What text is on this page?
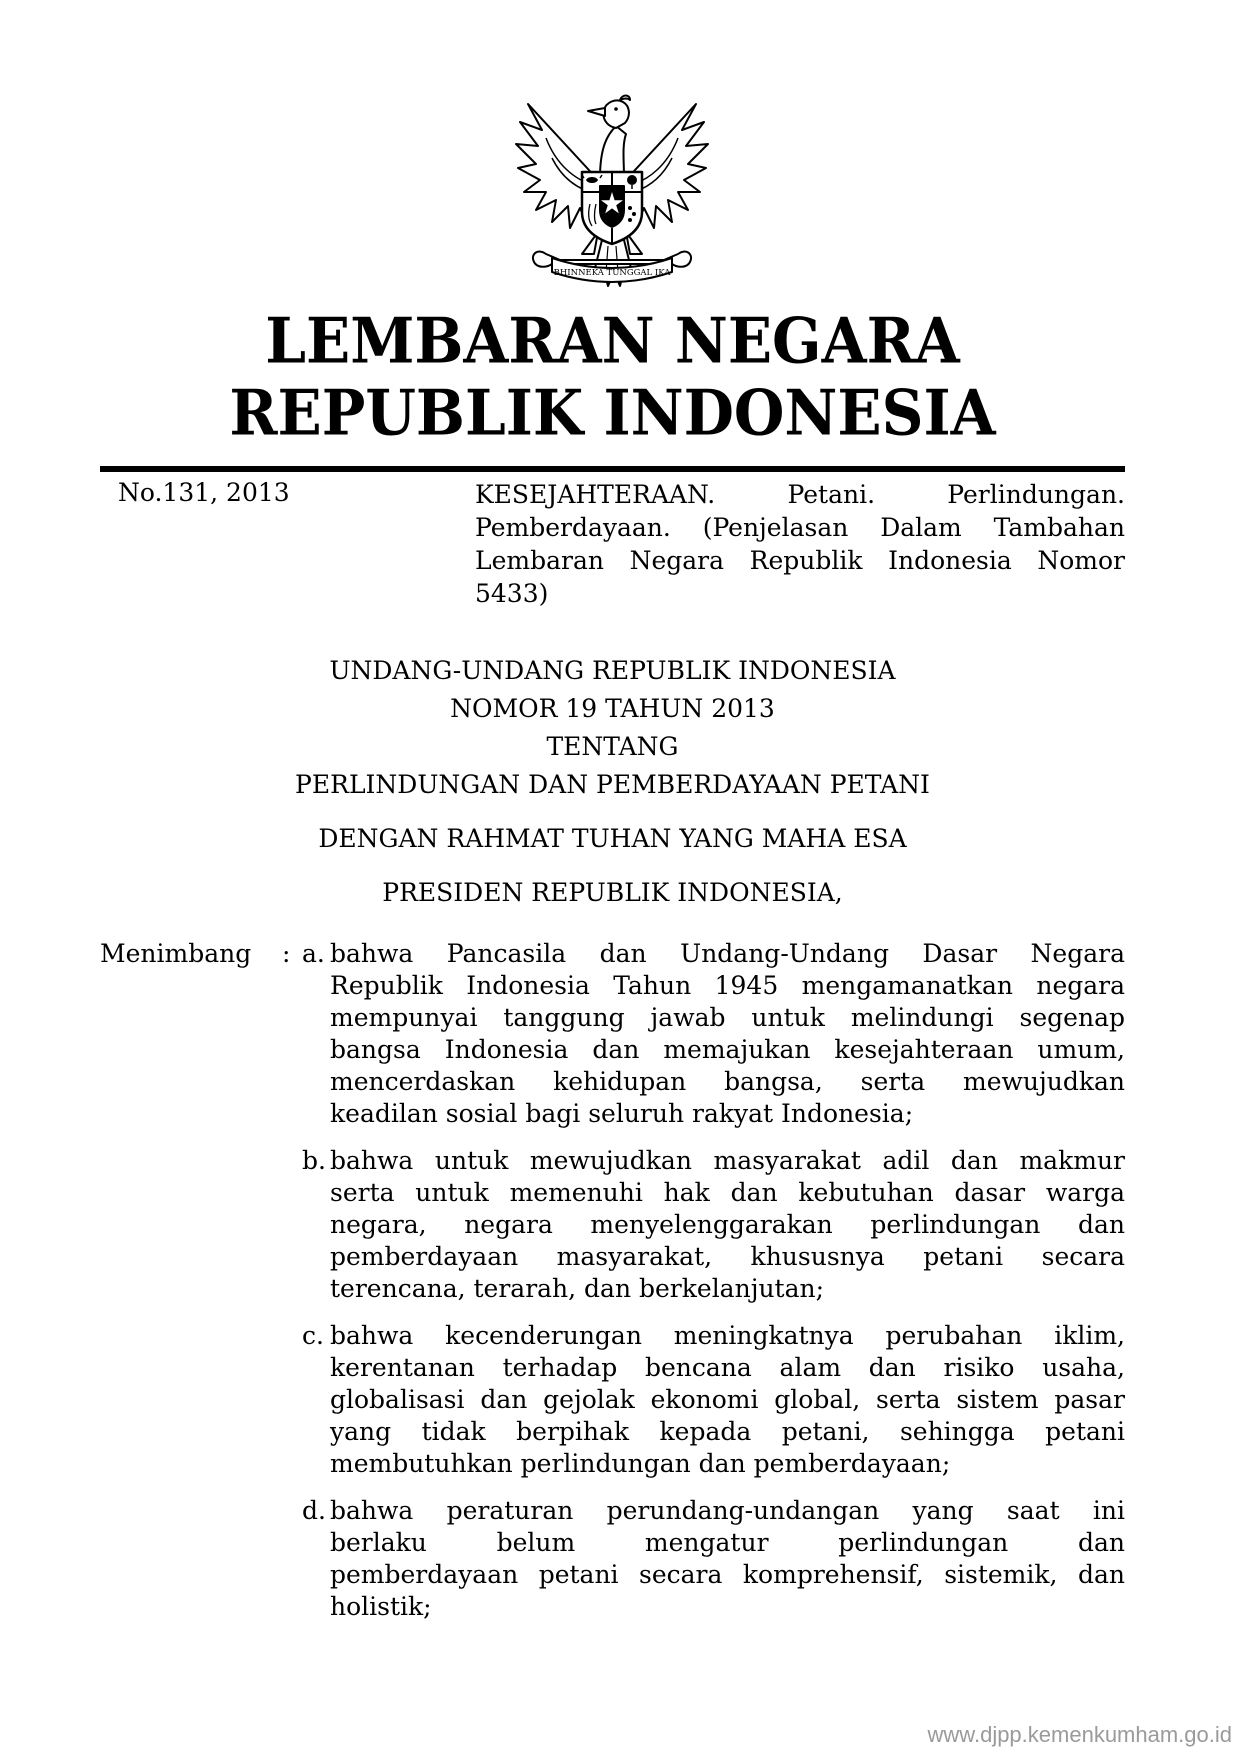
BHINNEKA TUNGGAL IKA
LEMBARAN NEGARA
REPUBLIK INDONESIA
No.131, 2013	KESEJAHTERAAN. Petani. Perlindungan.
Pemberdayaan. (Penjelasan Dalam Tambahan
Lembaran Negara Republik Indonesia Nomor
5433)
UNDANG-UNDANG REPUBLIK INDONESIA
NOMOR 19 TAHUN 2013
TENTANG
PERLINDUNGAN DAN PEMBERDAYAAN PETANI
DENGAN RAHMAT TUHAN YANG MAHA ESA
PRESIDEN REPUBLIK INDONESIA,
Menimbang	: a. bahwa Pancasila dan Undang-Undang Dasar Negara
Republik Indonesia Tahun 1945 mengamanatkan negara
mempunyai tanggung jawab untuk melindungi segenap
bangsa Indonesia dan memajukan kesejahteraan umum,
mencerdaskan kehidupan bangsa, serta mewujudkan
keadilan sosial bagi seluruh rakyat Indonesia;
b. bahwa untuk mewujudkan masyarakat adil dan makmur
serta untuk memenuhi hak dan kebutuhan dasar warga
negara, negara menyelenggarakan perlindungan dan
pemberdayaan masyarakat, khususnya petani secara
terencana, terarah, dan berkelanjutan;
c. bahwa kecenderungan meningkatnya perubahan iklim,
kerentanan terhadap bencana alam dan risiko usaha,
globalisasi dan gejolak ekonomi global, serta sistem pasar
yang tidak berpihak kepada petani, sehingga petani
membutuhkan perlindungan dan pemberdayaan;
d. bahwa peraturan perundang-undangan yang saat ini
berlaku belum mengatur perlindungan dan
pemberdayaan petani secara komprehensif, sistemik, dan
holistik;
www.djpp.kemenkumham.go.id
